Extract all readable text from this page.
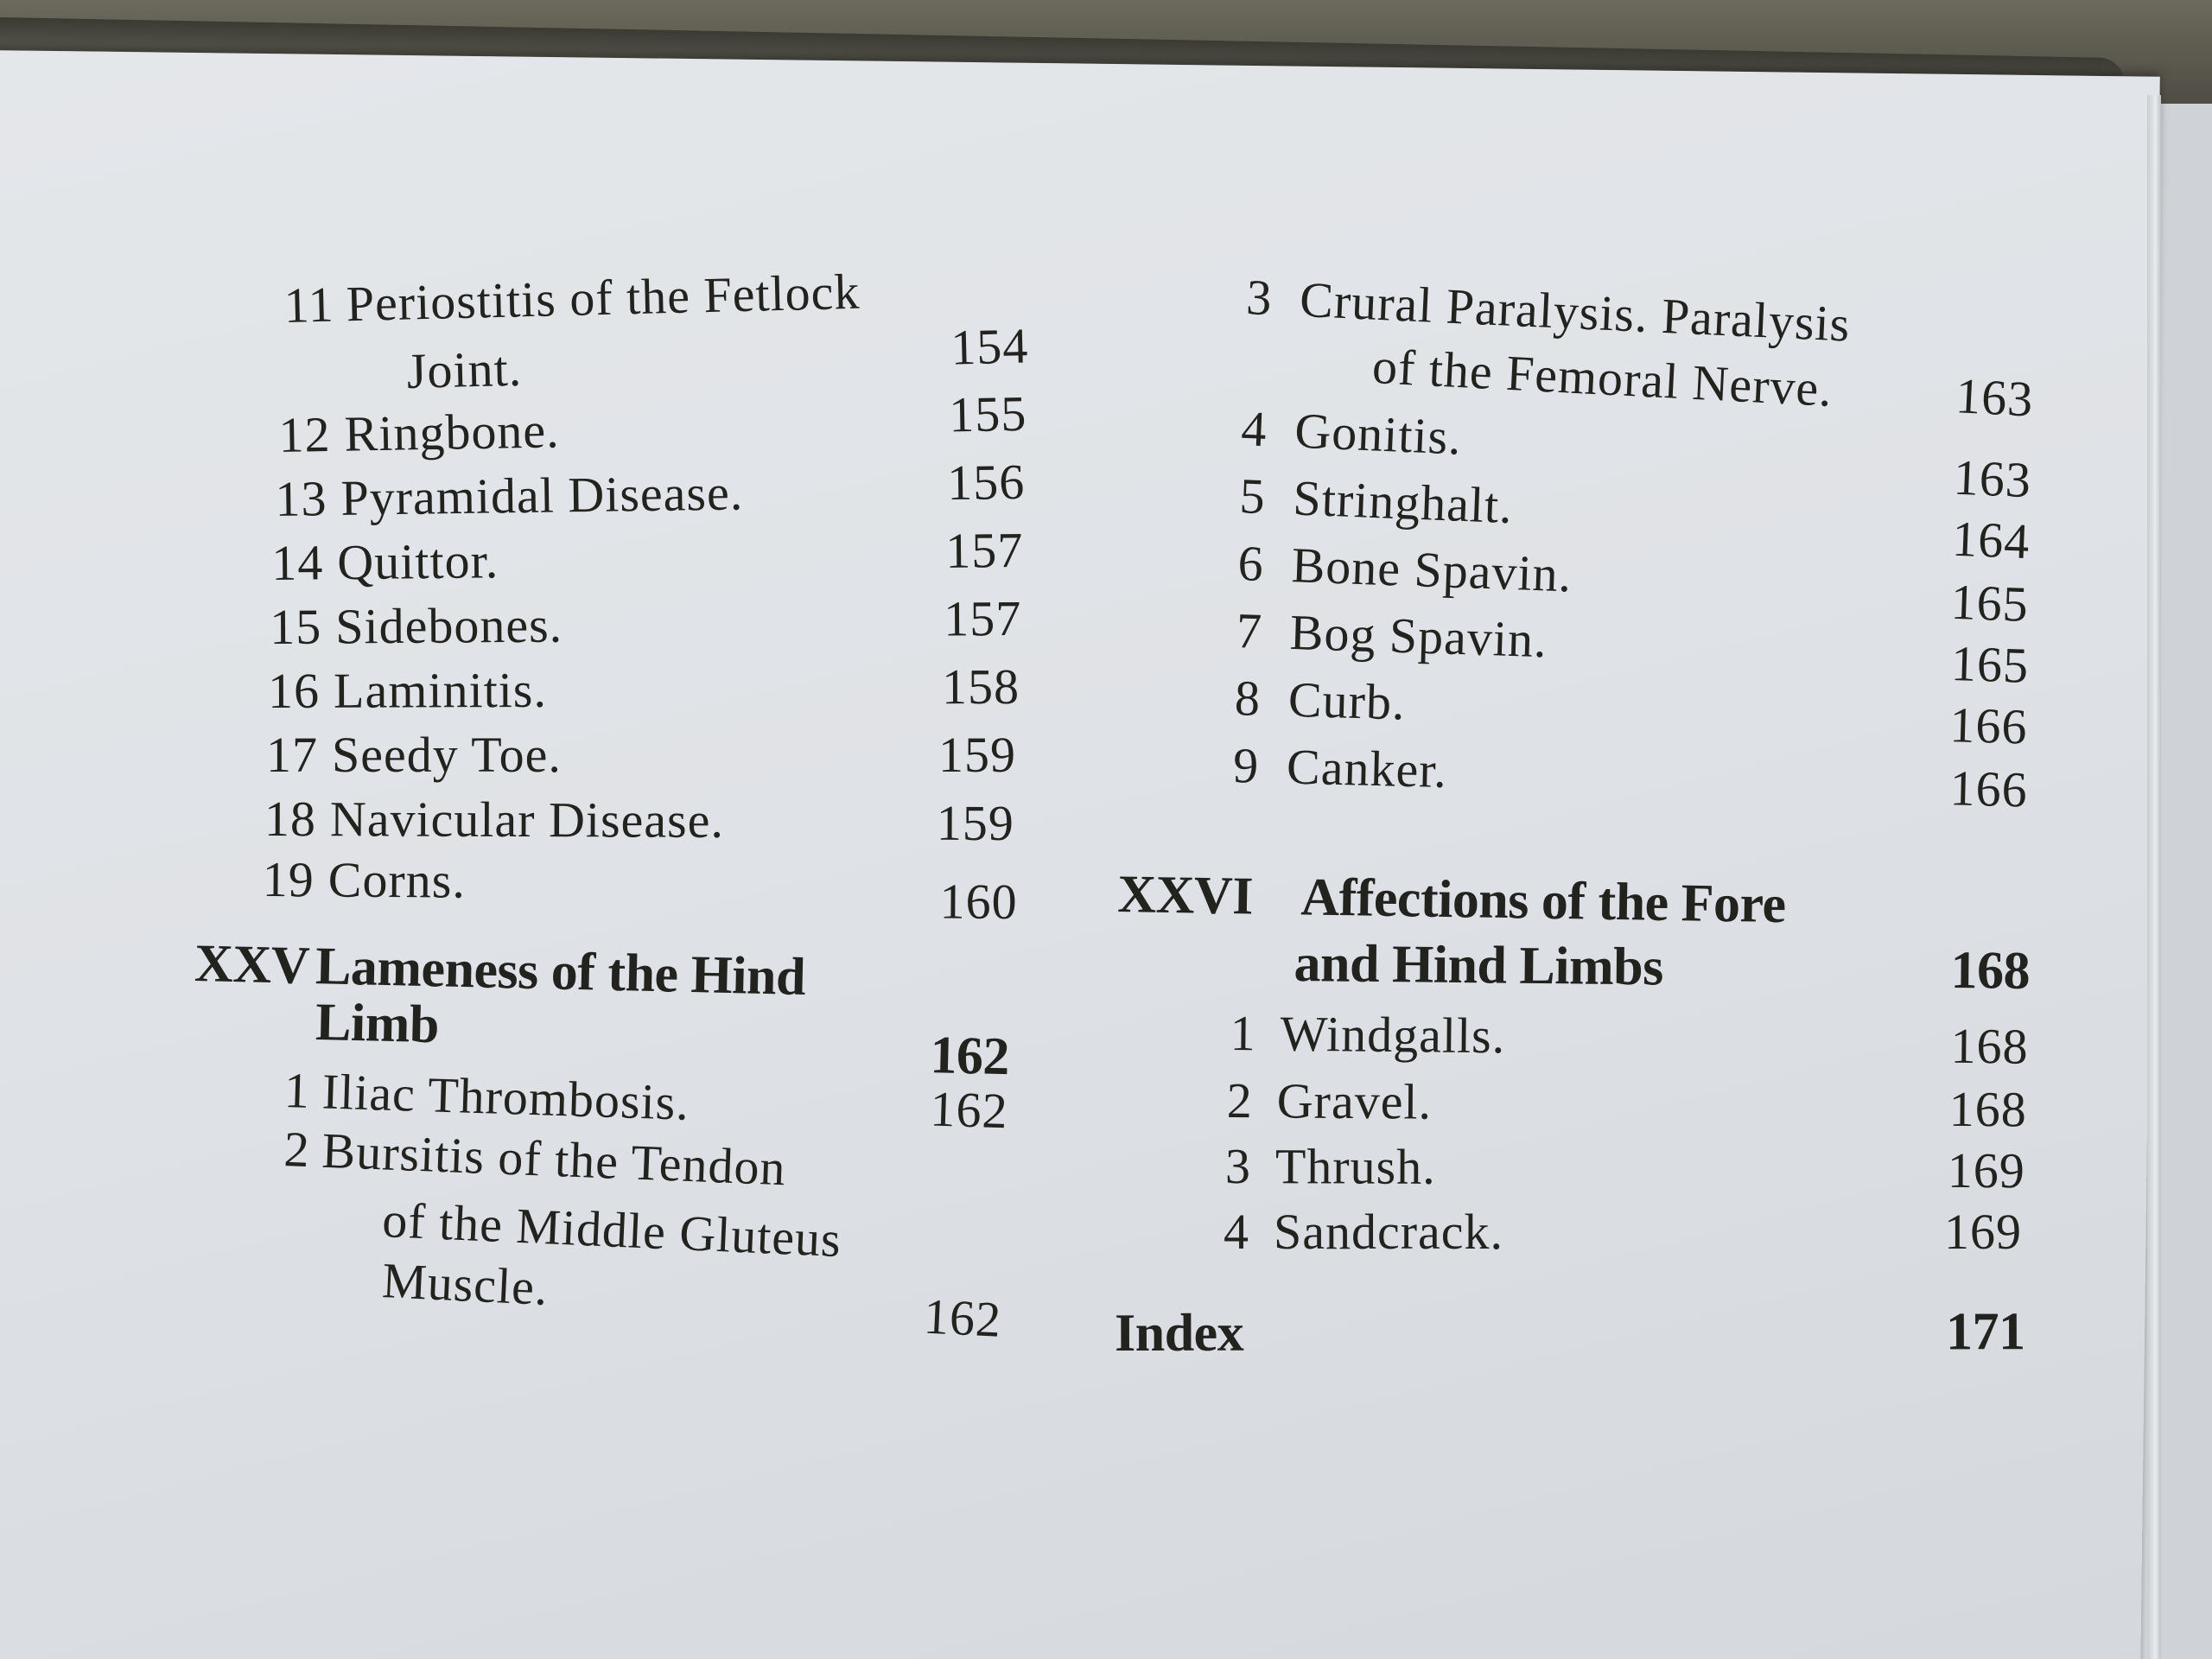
11 Periostitis of the Fetlock
Joint.	154
12 Ringbone.	155
13 Pyramidal Disease.	156
14 Quittor.	157
15 Sidebones.	157
16 Laminitis.	158
17 Seedy Toe.	159
18 Navicular Disease.	159
19 Corns.	160
XXV Lameness of the Hind
Limb
162
1 Iliac Thrombosis.	162
2 Bursitis of the Tendon
of the Middle Gluteus
Muscle.
162
3 Crural Paralysis. Paralysis
of the Femoral Nerve. 163
4 Gonitis.
163
5 Stringhalt.
164
6 Bone Spavin.
165
7 Bog Spavin.	165
8 Curb.	166
9 Canker.	166
XXVI Affections of the Fore
and Hind Limbs	168
1 Windgalls.	168
2 Gravel.	168
3 Thrush.	169
4 Sandcrack.	169
Index	171
